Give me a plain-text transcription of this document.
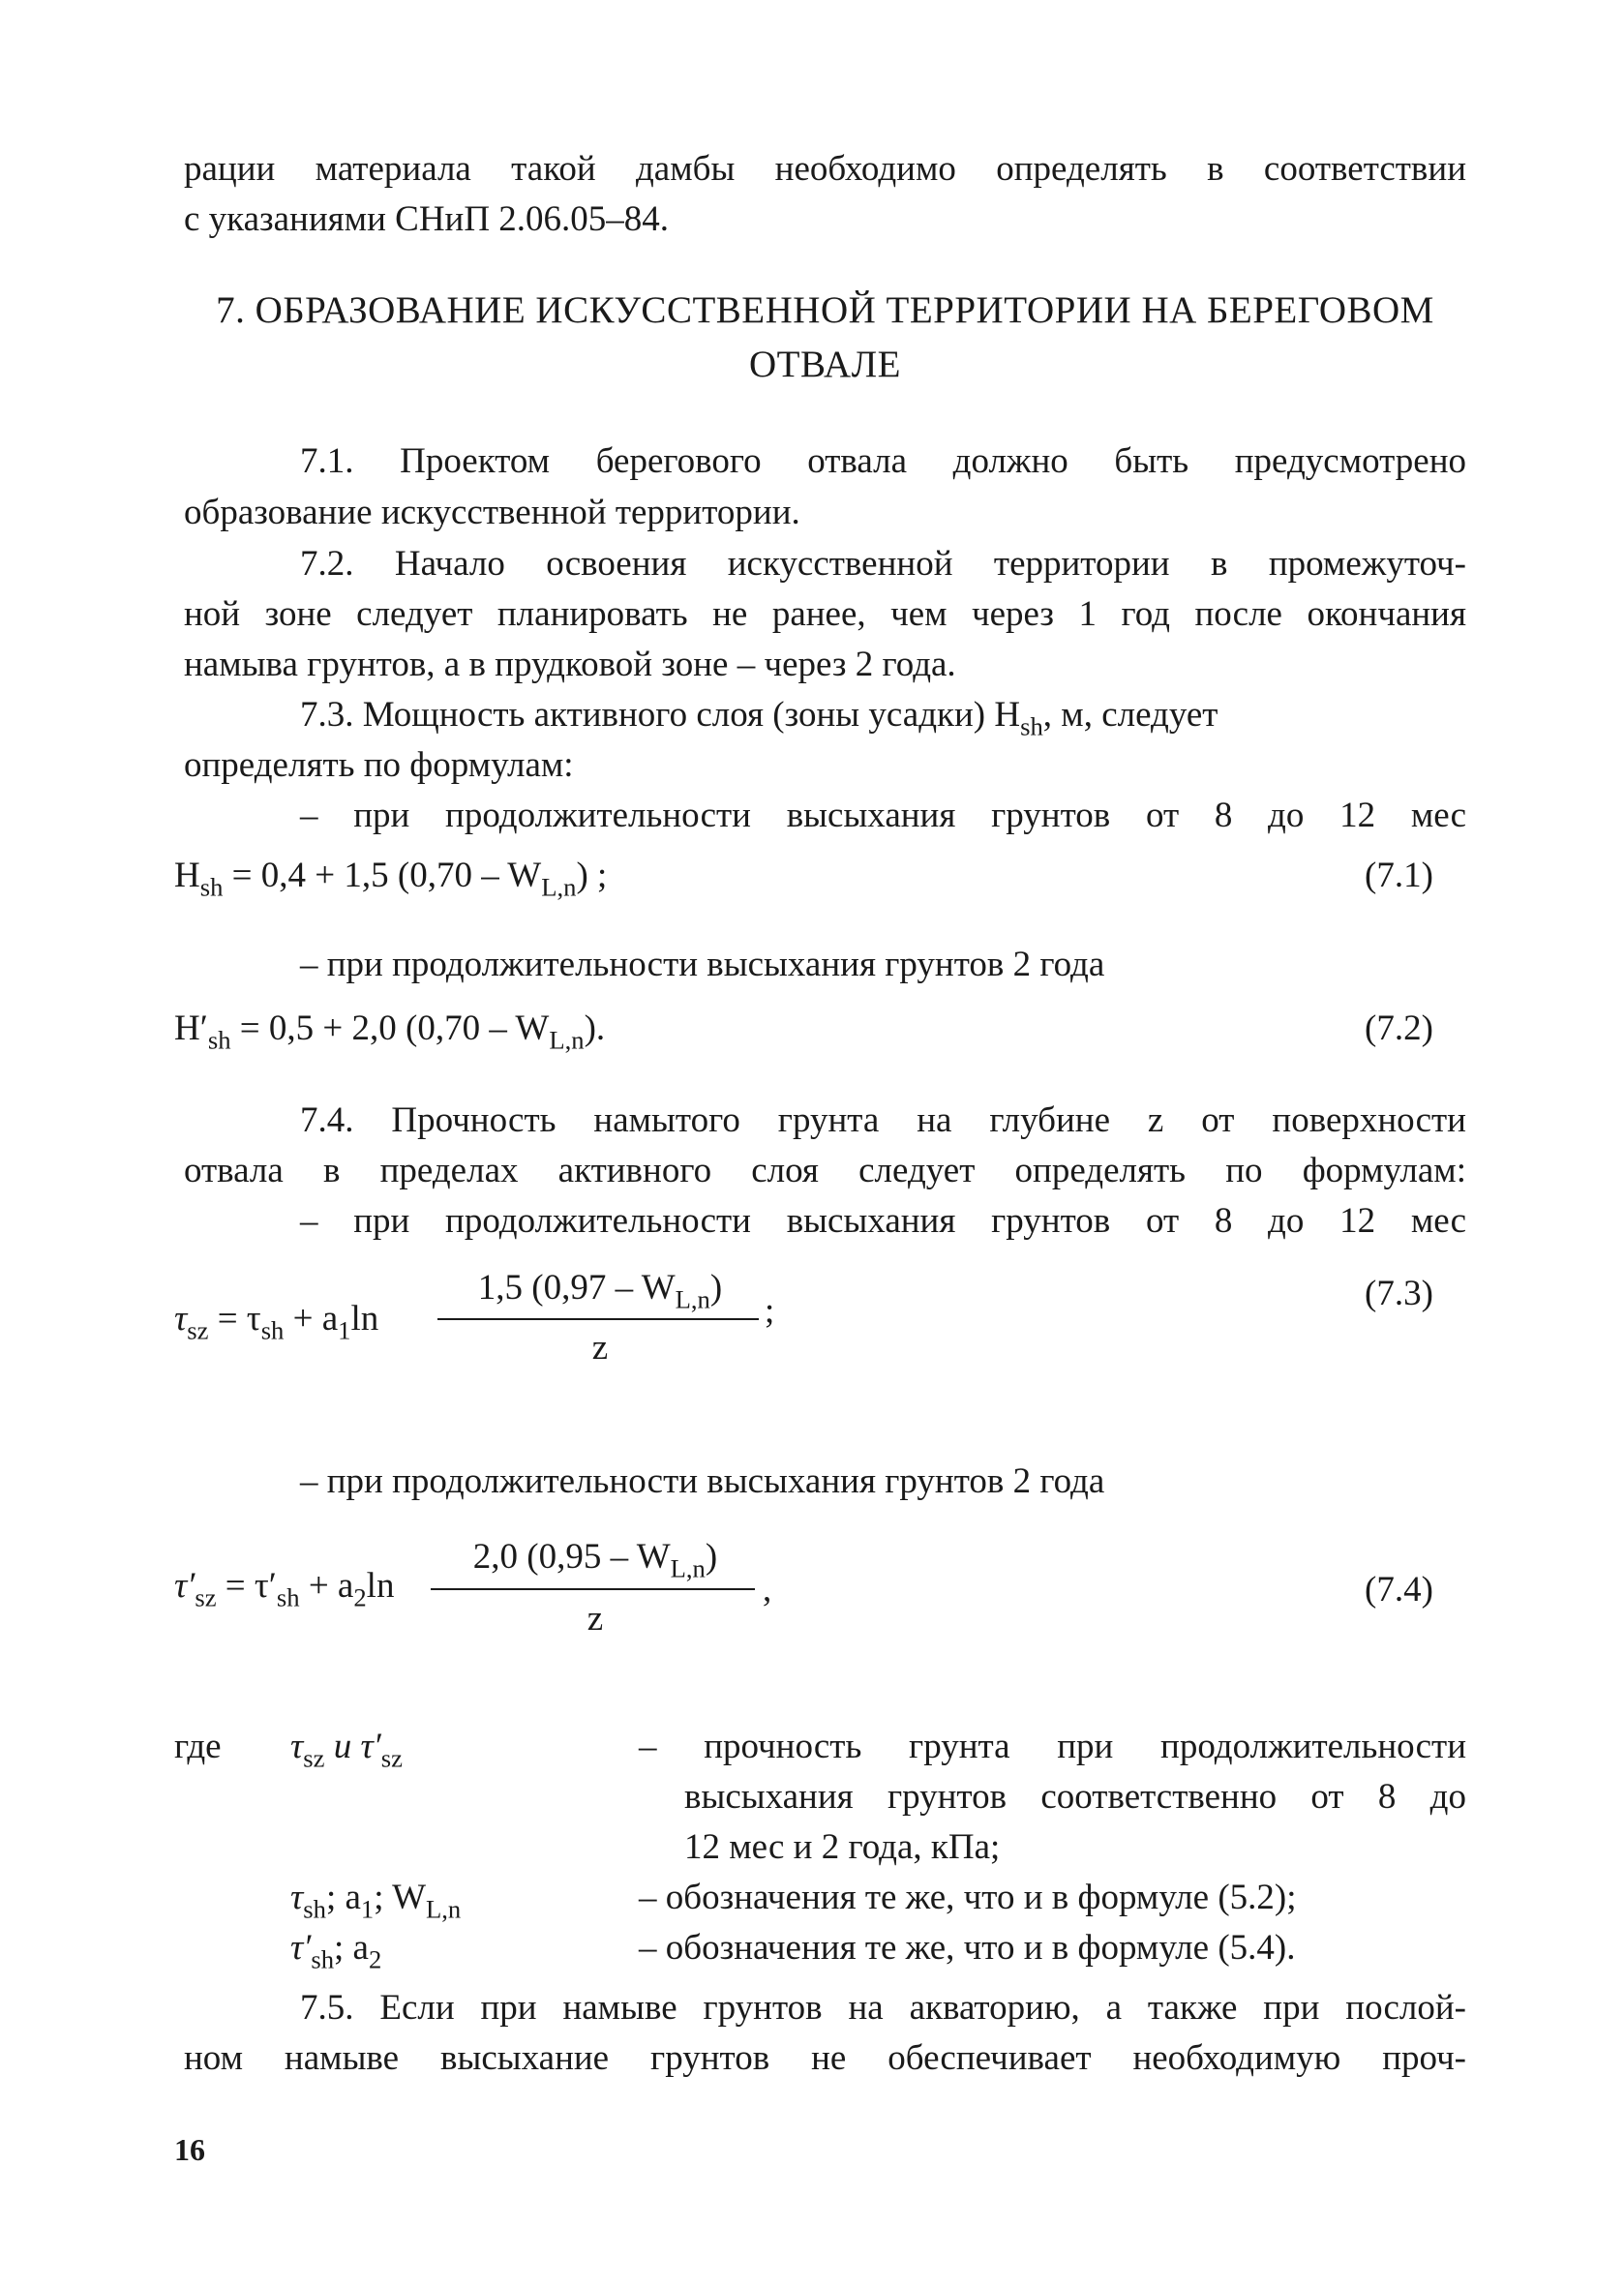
рации материала такой дамбы необходимо определять в соответствии
с указаниями СНиП 2.06.05–84.
7. ОБРАЗОВАНИЕ ИСКУССТВЕННОЙ ТЕРРИТОРИИ НА БЕРЕГОВОМ
ОТВАЛЕ
7.1. Проектом берегового отвала должно быть предусмотрено
образование искусственной территории.
7.2. Начало освоения искусственной территории в промежуточ-
ной зоне следует планировать не ранее, чем через 1 год после окончания
намыва грунтов, а в прудковой зоне – через 2 года.
7.3. Мощность активного слоя (зоны усадки) $H_{sh}$, м, следует
определять по формулам:
– при продолжительности высыхания грунтов от 8 до 12 мес
$H_{sh} = 0,4 + 1,5$ $(0,70 - W_{L,n})$ ;	(7.1)
– при продолжительности высыхания грунтов 2 года
$H'_{sh} = 0,5 + 2,0$ $(0,70 - W_{L,n})$.	(7.2)
7.4. Прочность намытого грунта на глубине z от поверхности
отвала в пределах активного слоя следует определять по формулам:
– при продолжительности высыхания грунтов от 8 до 12 мес
$\tau_{sz} = \tau_{sh} + a_1\ln$
1,5 $(0,97 - W_{L,n})$
z
;	(7.3)
– при продолжительности высыхания грунтов 2 года
$\tau'_{sz} = \tau'_{sh} + a_2\ln$
2,0 $(0,95 - W_{L,n})$
z
,	(7.4)
где $\tau_{sz}$ и $\tau'_{sz}$	– прочность грунта при продолжительности
высыхания грунтов соответственно от 8 до
12 мес и 2 года, кПа;
$\tau_{sh}$; $a_1$; $W_{L,n}$	– обозначения те же, что и в формуле (5.2);
$\tau'_{sh}$; $a_2$	– обозначения те же, что и в формуле (5.4).
7.5. Если при намыве грунтов на акваторию, а также при послой-
ном намыве высыхание грунтов не обеспечивает необходимую проч-
16
